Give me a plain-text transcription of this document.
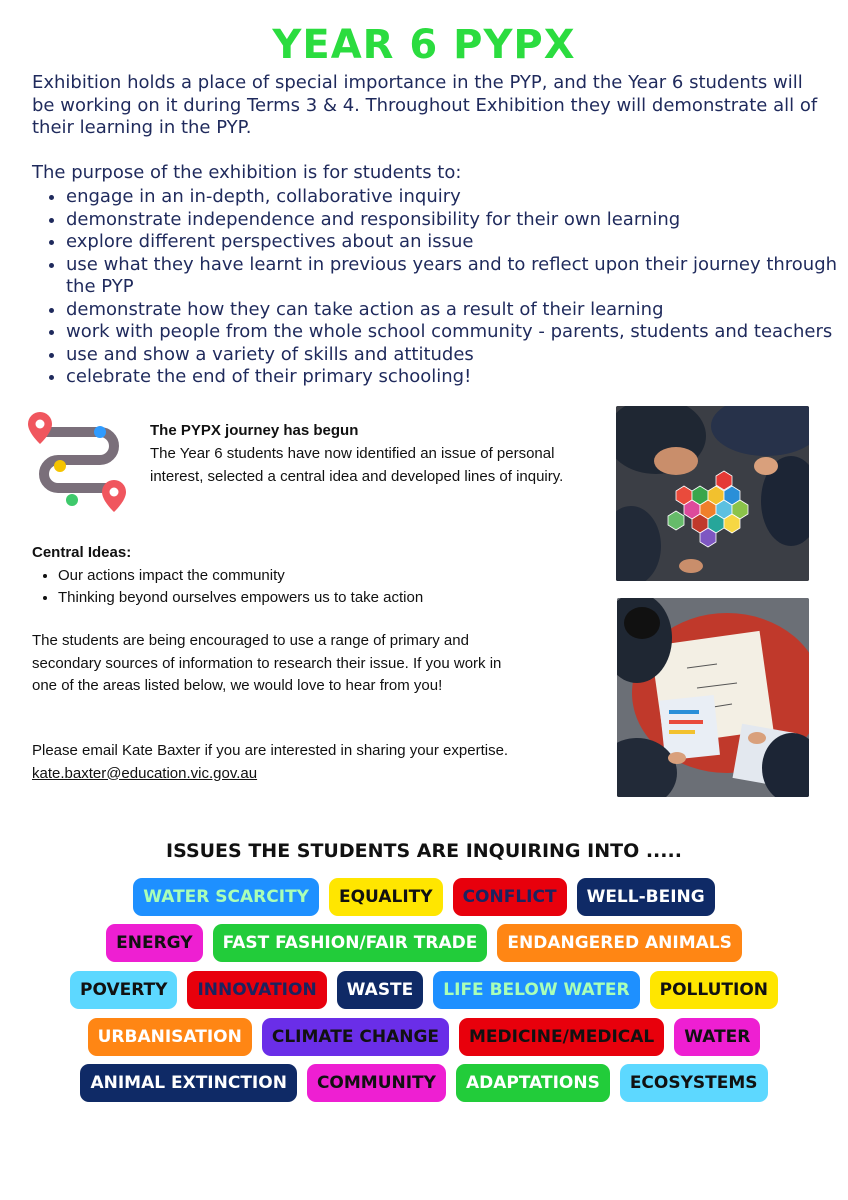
YEAR 6 PYPX
Exhibition holds a place of special importance in the PYP, and the Year 6 students will be working on it during Terms 3 & 4. Throughout Exhibition they will demonstrate all of their learning in the PYP.
The purpose of the exhibition is for students to:
• engage in an in-depth, collaborative inquiry
• demonstrate independence and responsibility for their own learning
• explore different perspectives about an issue
• use what they have learnt in previous years and to reflect upon their journey through the PYP
• demonstrate how they can take action as a result of their learning
• work with people from the whole school community - parents, students and teachers
• use and show a variety of skills and attitudes
• celebrate the end of their primary schooling!
The PYPX journey has begun
The Year 6 students have now identified an issue of personal interest, selected a central idea and developed lines of inquiry.
Central Ideas:
• Our actions impact the community
• Thinking beyond ourselves empowers us to take action
The students are being encouraged to use a range of primary and secondary sources of information to research their issue. If you work in one of the areas listed below, we would love to hear from you!
Please email Kate Baxter if you are interested in sharing your expertise. kate.baxter@education.vic.gov.au
ISSUES THE STUDENTS ARE INQUIRING INTO .....
WATER SCARCITY	EQUALITY	CONFLICT	WELL-BEING
ENERGY	FAST FASHION/FAIR TRADE	ENDANGERED ANIMALS
POVERTY	INNOVATION	WASTE	LIFE BELOW WATER	POLLUTION
URBANISATION	CLIMATE CHANGE	MEDICINE/MEDICAL	WATER
ANIMAL EXTINCTION	COMMUNITY	ADAPTATIONS	ECOSYSTEMS
